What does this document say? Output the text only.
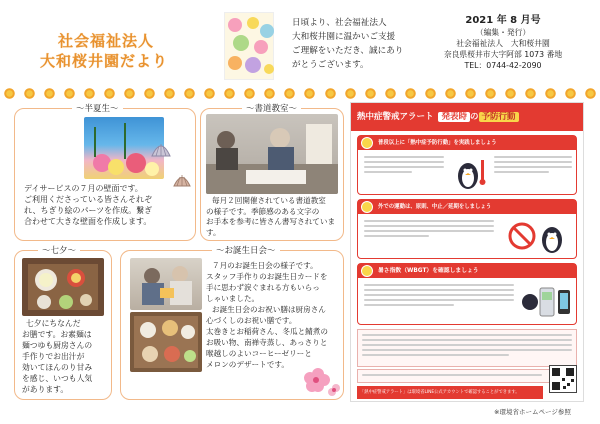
社会福祉法人
大和桜井園だより
日頃より、社会福祉法人
大和桜井園に温かいご支援
ご理解をいただき、誠にあり
がとうございます。
2021 年 8 月号
（編集・発行）
社会福祉法人　大和桜井園
奈良県桜井市大字阿部 1073 番地
TEL：0744-42-2090
～半夏生～
デイサービスの７月の壁面です。
ご利用くださっている皆さんそれぞ
れ、ちぎり絵のパーツを作成。繋ぎ
合わせて大きな壁面を作成します。
～書道教室～
毎月２回開催されている書道教室
の様子です。季節感のある文字の
お手本を参考に皆さん書写されています。
～七夕～
七夕にちなんだ
お膳です。お素麺は
麺つゆも厨房さんの
手作りでお出汁が
効いてほんのり甘み
を感じ、いつも人気
があります。
～お誕生日会～
７月のお誕生日会の様子です。
スタッフ手作りのお誕生日カードを
手に思わず涙ぐまれる方もいらっ
しゃいました。
お誕生日会のお祝い膳は厨房さん
心づくしのお祝い膳です。
太巻きとお稲荷さん、冬瓜と鯖煮の
お吸い物、南禅寺蒸し、あっさりと
喉越しのよいコーヒーゼリーと
メロンのデザートです。
熱中症警戒アラート 発表時 の 予防行動
普段以上に「熱中症予防行動」を実践しましょう
外での運動は、原則、中止／延期をしましょう
暑さ指数（WBGT）を確認しましょう
「熱中症警戒アラート」は環境省LINE公式アカウントで確認することができます。
※環境省ホームページ参照
